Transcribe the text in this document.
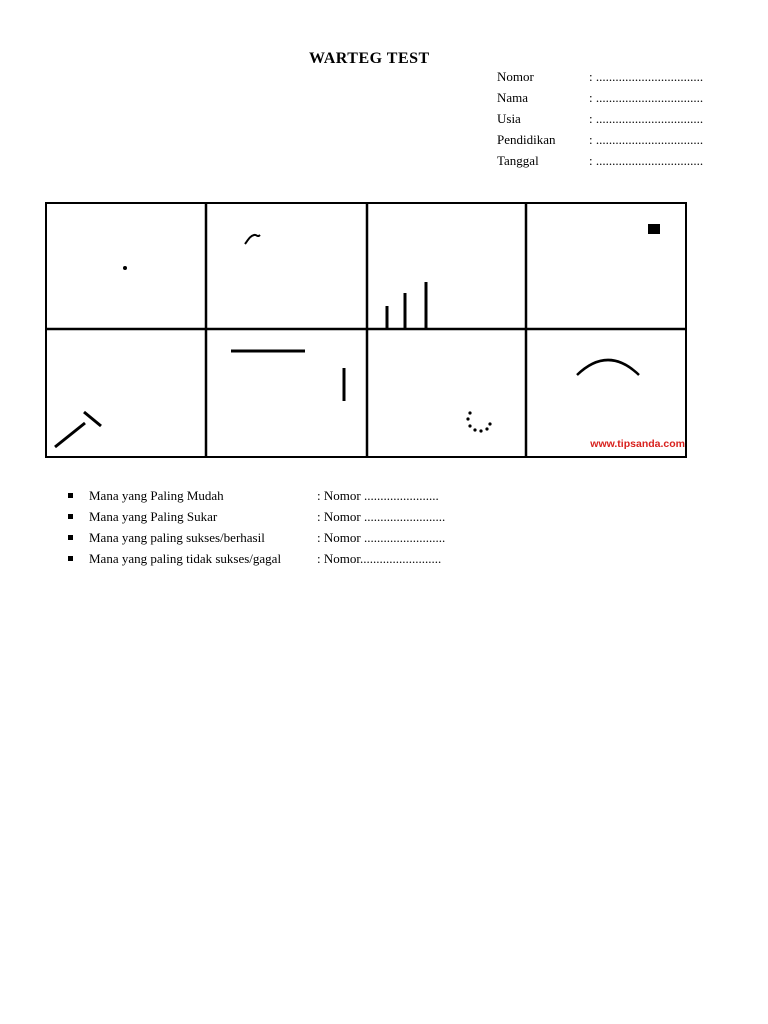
WARTEG TEST
Nomor	: .................................
Nama	: .................................
Usia	: .................................
Pendidikan	: .................................
Tanggal	: .................................
www.tipsanda.com
Mana yang Paling Mudah	: Nomor .......................
Mana yang Paling Sukar	: Nomor .........................
Mana yang paling sukses/berhasil	: Nomor .........................
Mana yang paling tidak sukses/gagal	: Nomor.........................
